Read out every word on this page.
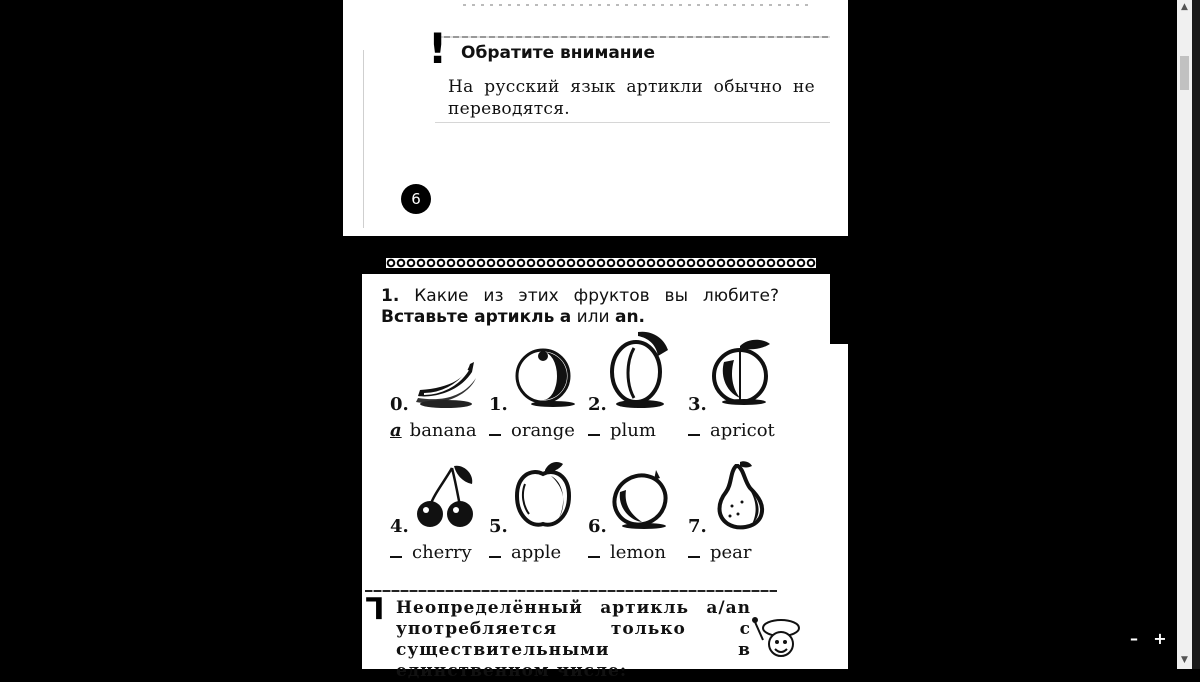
! Обратите внимание
На русский язык артикли обычно не переводятся.
6
1. Какие из этих фруктов вы любите? Вставьте артикль a или an.
0.
a banana
1.
orange
2.
plum
3.
apricot
4.
cherry
5.
apple
6.
lemon
7.
pear
⅂ Неопределённый артикль a/an употребляется только с существительными в единственном числе:
▲
▼
– +
